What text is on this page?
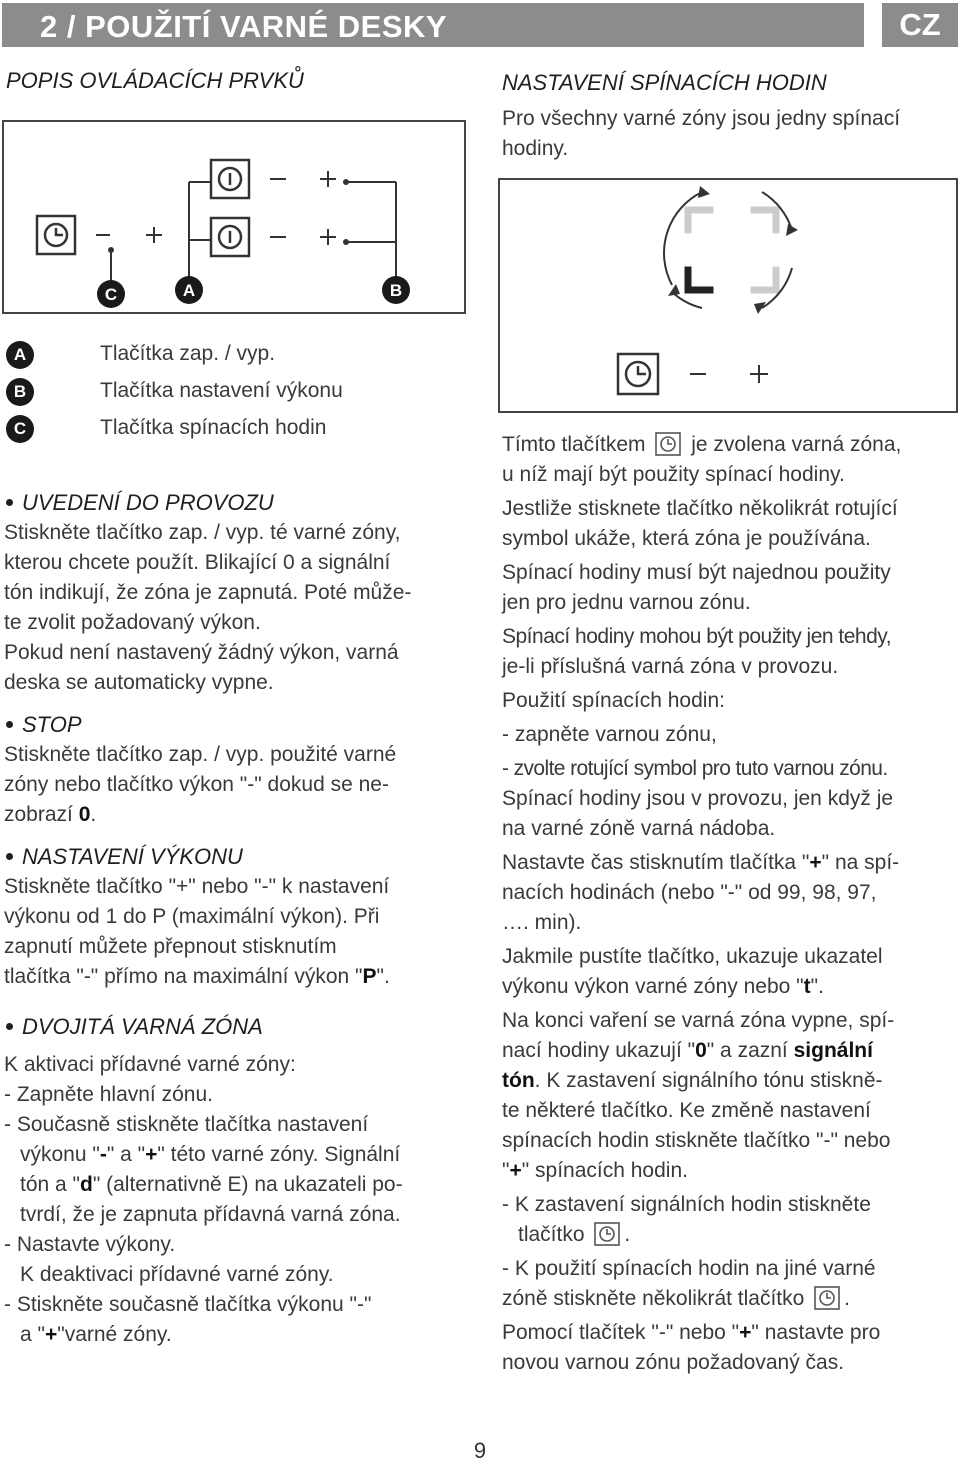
2 / POUŽITÍ VARNÉ DESKY	CZ
POPIS OVLÁDACÍCH PRVKŮ
C	A	B
A	Tlačítka zap. / vyp.
B	Tlačítka nastavení výkonu
C	Tlačítka spínacích hodin
UVEDENÍ DO PROVOZU

Stiskněte tlačítko zap. / vyp. té varné zóny,

kterou chcete použít. Blikající 0 a signální

tón indikují, že zóna je zapnutá. Poté může-

te zvolit požadovaný výkon.

Pokud není nastavený žádný výkon, varná

deska se automaticky vypne.

STOP

Stiskněte tlačítko zap. / vyp. použité varné

zóny nebo tlačítko výkon "-" dokud se ne-

zobrazí 0.

NASTAVENÍ VÝKONU

Stiskněte tlačítko "+" nebo "-" k nastavení

výkonu od 1 do P (maximální výkon). Při

zapnutí můžete přepnout stisknutím

tlačítka "-" přímo na maximální výkon "P".

DVOJITÁ VARNÁ ZÓNA

K aktivaci přídavné varné zóny:

- Zapněte hlavní zónu.

- Současně stiskněte tlačítka nastavení

výkonu "-" a "+" této varné zóny. Signální

tón a "d" (alternativně E) na ukazateli po-

tvrdí, že je zapnuta přídavná varná zóna.

- Nastavte výkony.

K deaktivaci přídavné varné zóny.

- Stiskněte současně tlačítka výkonu "-"

a "+"varné zóny.

NASTAVENÍ SPÍNACÍCH HODIN

Pro všechny varné zóny jsou jedny spínací

hodiny.

Tímto tlačítkem je zvolena varná zóna,

u níž mají být použity spínací hodiny.

Jestliže stisknete tlačítko několikrát rotující

symbol ukáže, která zóna je používána.

Spínací hodiny musí být najednou použity

jen pro jednu varnou zónu.

Spínací hodiny mohou být použity jen tehdy,

je-li příslušná varná zóna v provozu.

Použití spínacích hodin:

- zapněte varnou zónu,

- zvolte rotující symbol pro tuto varnou zónu.

Spínací hodiny jsou v provozu, jen když je

na varné zóně varná nádoba.

Nastavte čas stisknutím tlačítka "+" na spí-

nacích hodinách (nebo "-" od 99, 98, 97,

…. min).

Jakmile pustíte tlačítko, ukazuje ukazatel

výkonu výkon varné zóny nebo "t".

Na konci vaření se varná zóna vypne, spí-

nací hodiny ukazují "0" a zazní signální

tón. K zastavení signálního tónu stiskně-

te některé tlačítko. Ke změně nastavení

spínacích hodin stiskněte tlačítko "-" nebo

"+" spínacích hodin.

- K zastavení signálních hodin stiskněte

tlačítko .

- K použití spínacích hodin na jiné varné

zóně stiskněte několikrát tlačítko .

Pomocí tlačítek "-" nebo "+" nastavte pro

novou varnou zónu požadovaný čas.

9
